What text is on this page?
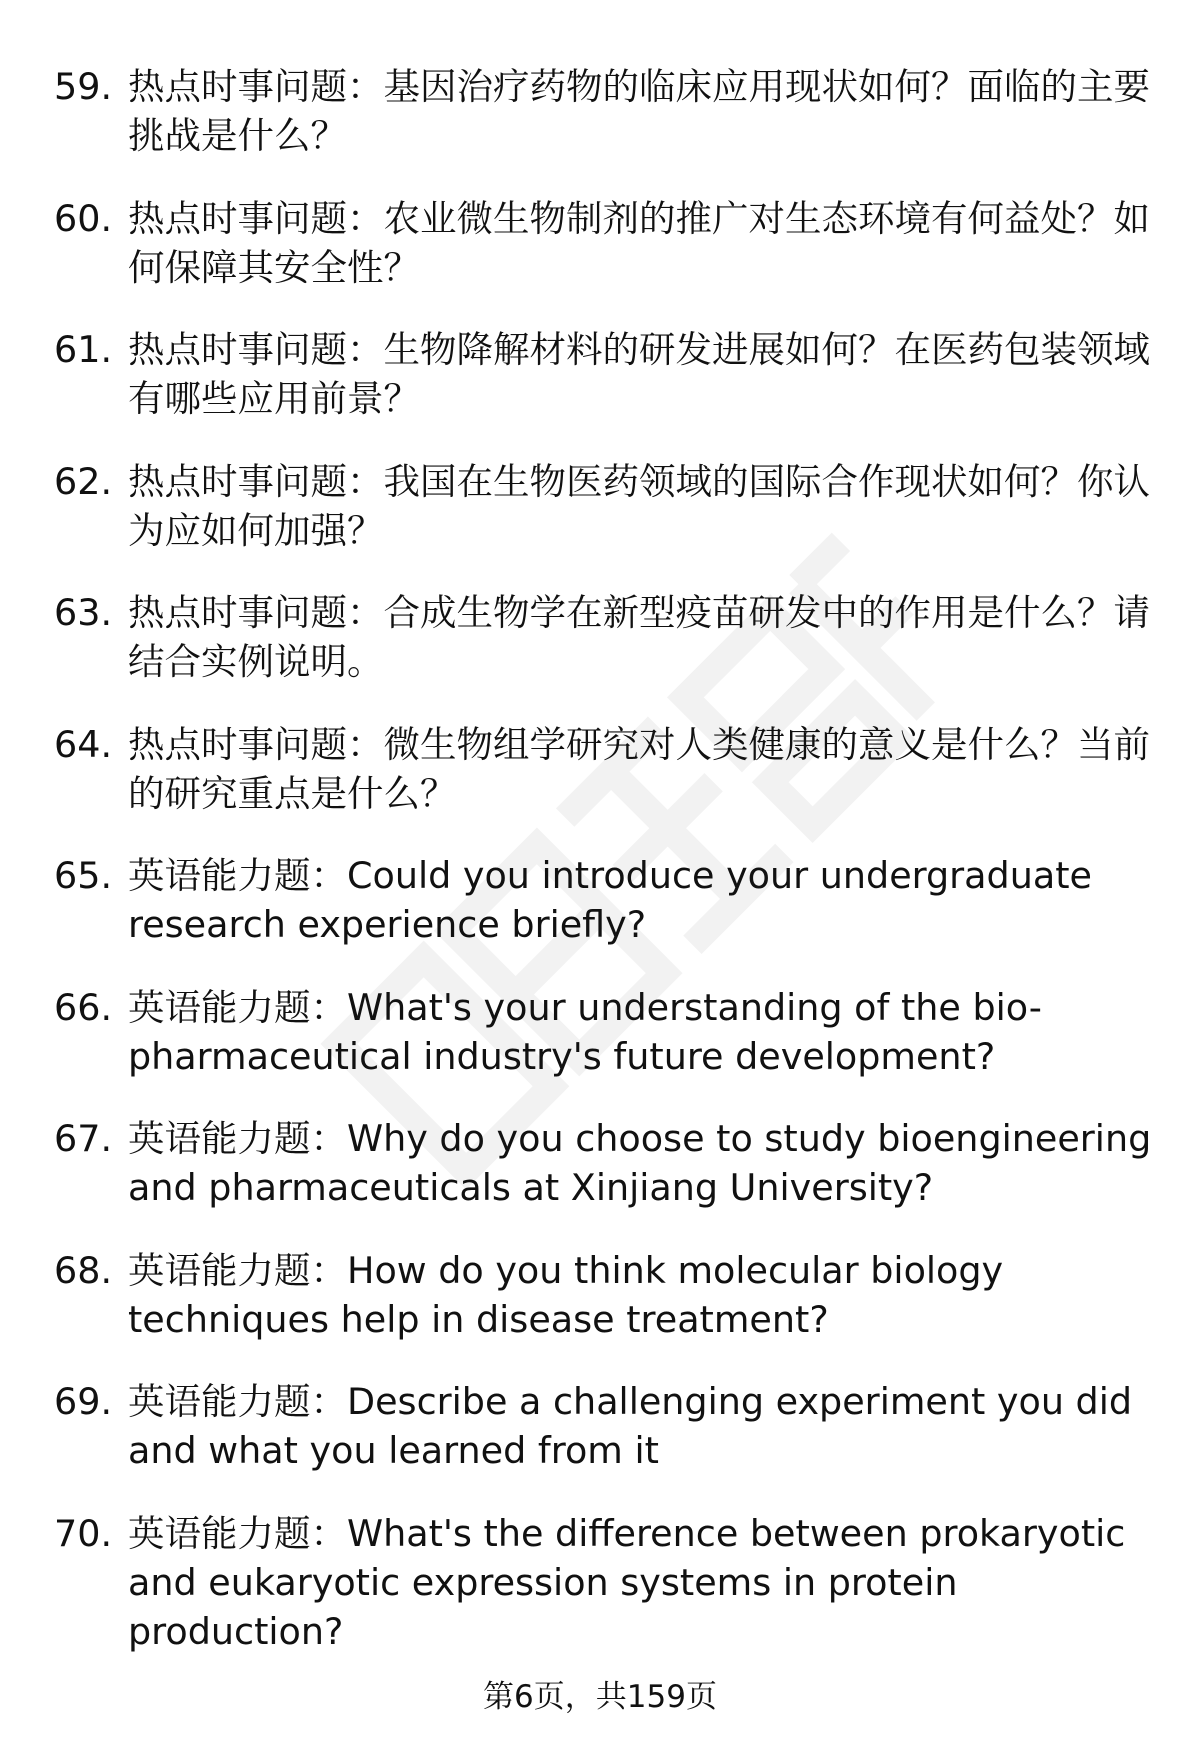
59. 热点时事问题：基因治疗药物的临床应用现状如何？面临的主要挑战是什么？
60. 热点时事问题：农业微生物制剂的推广对生态环境有何益处？如何保障其安全性？
61. 热点时事问题：生物降解材料的研发进展如何？在医药包装领域有哪些应用前景？
62. 热点时事问题：我国在生物医药领域的国际合作现状如何？你认为应如何加强？
63. 热点时事问题：合成生物学在新型疫苗研发中的作用是什么？请结合实例说明。
64. 热点时事问题：微生物组学研究对人类健康的意义是什么？当前的研究重点是什么？
65. 英语能力题：Could you introduce your undergraduate research experience briefly?
66. 英语能力题：What's your understanding of the bio-pharmaceutical industry's future development?
67. 英语能力题：Why do you choose to study bioengineering and pharmaceuticals at Xinjiang University?
68. 英语能力题：How do you think molecular biology techniques help in disease treatment?
69. 英语能力题：Describe a challenging experiment you did and what you learned from it
70. 英语能力题：What's the difference between prokaryotic and eukaryotic expression systems in protein production?
第6页，共159页
